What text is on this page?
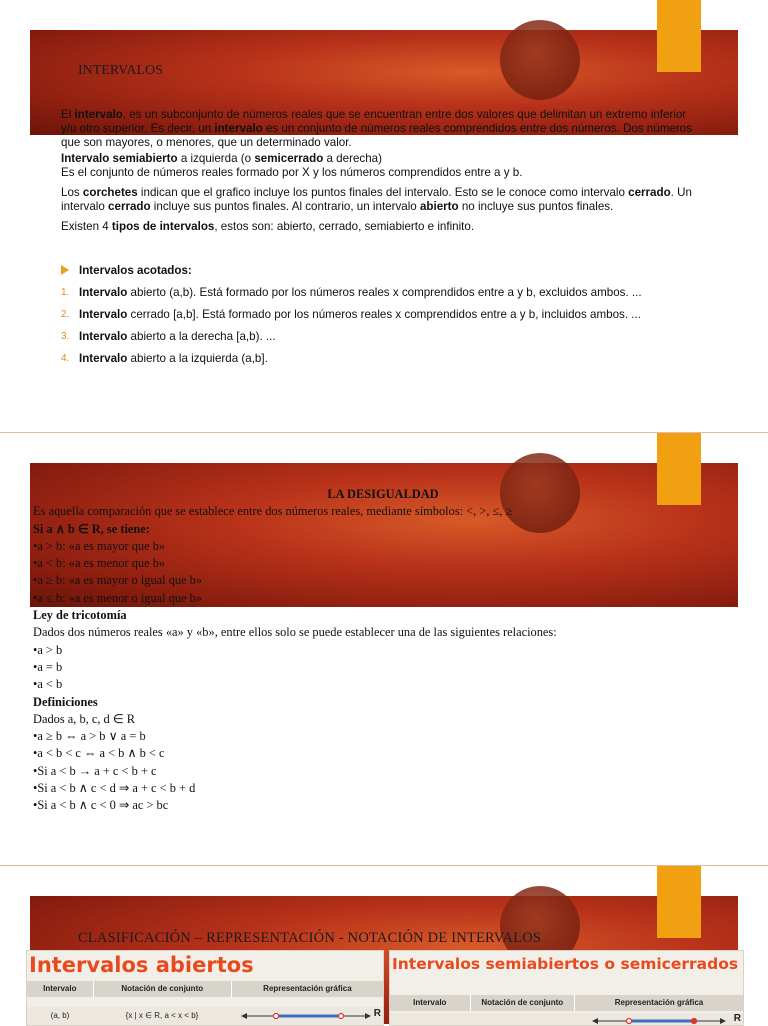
INTERVALOS

El intervalo, es un subconjunto de números reales que se encuentran entre dos valores que delimitan un extremo inferior y/u otro superior. Es decir, un intervalo es un conjunto de números reales comprendidos entre dos números. Dos números que son mayores, o menores, que un determinado valor.

Intervalo semiabierto a izquierda (o semicerrado a derecha)

Es el conjunto de números reales formado por X y los números comprendidos entre a y b.

Los corchetes indican que el grafico incluye los puntos finales del intervalo. Esto se le conoce como intervalo cerrado. Un intervalo cerrado incluye sus puntos finales. Al contrario, un intervalo abierto no incluye sus puntos finales.

Existen 4 tipos de intervalos, estos son: abierto, cerrado, semiabierto e infinito.

Intervalos acotados:
1. Intervalo abierto (a,b). Está formado por los números reales x comprendidos entre a y b, excluidos ambos. ...
2. Intervalo cerrado [a,b]. Está formado por los números reales x comprendidos entre a y b, incluidos ambos. ...
3. Intervalo abierto a la derecha [a,b). ...
4. Intervalo abierto a la izquierda (a,b].
LA DESIGUALDAD
Es aquella comparación que se establece entre dos números reales, mediante símbolos: <, >, ≤, ≥
Si a ∧ b ∈ R, se tiene:
•a > b: «a es mayor que b»
•a < b: «a es menor que b»
•a ≥ b: «a es mayor o igual que b»
•a ≤ b: «a es menor o igual que b»
Ley de tricotomía
Dados dos números reales «a» y «b», entre ellos solo se puede establecer una de las siguientes relaciones:
•a > b
•a = b
•a < b
Definiciones
Dados a, b, c, d ∈ R
•a ≥ b ⇔ a > b ∨ a = b
•a < b < c ⇔ a < b ∧ b < c
•Si a < b → a + c < b + c
•Si a < b ∧ c < d ⇒ a + c < b + d
•Si a < b ∧ c < 0 ⇒ ac > bc
CLASIFICACIÓN – REPRESENTACIÓN - NOTACIÓN DE INTERVALOS
Intervalos abiertos
Intervalo	Notación de conjunto	Representación gráfica
(a, b)	{x | x ∈ R, a < x < b}	R
Intervalos semiabiertos o semicerrados
Intervalo	Notación de conjunto	Representación gráfica
R
